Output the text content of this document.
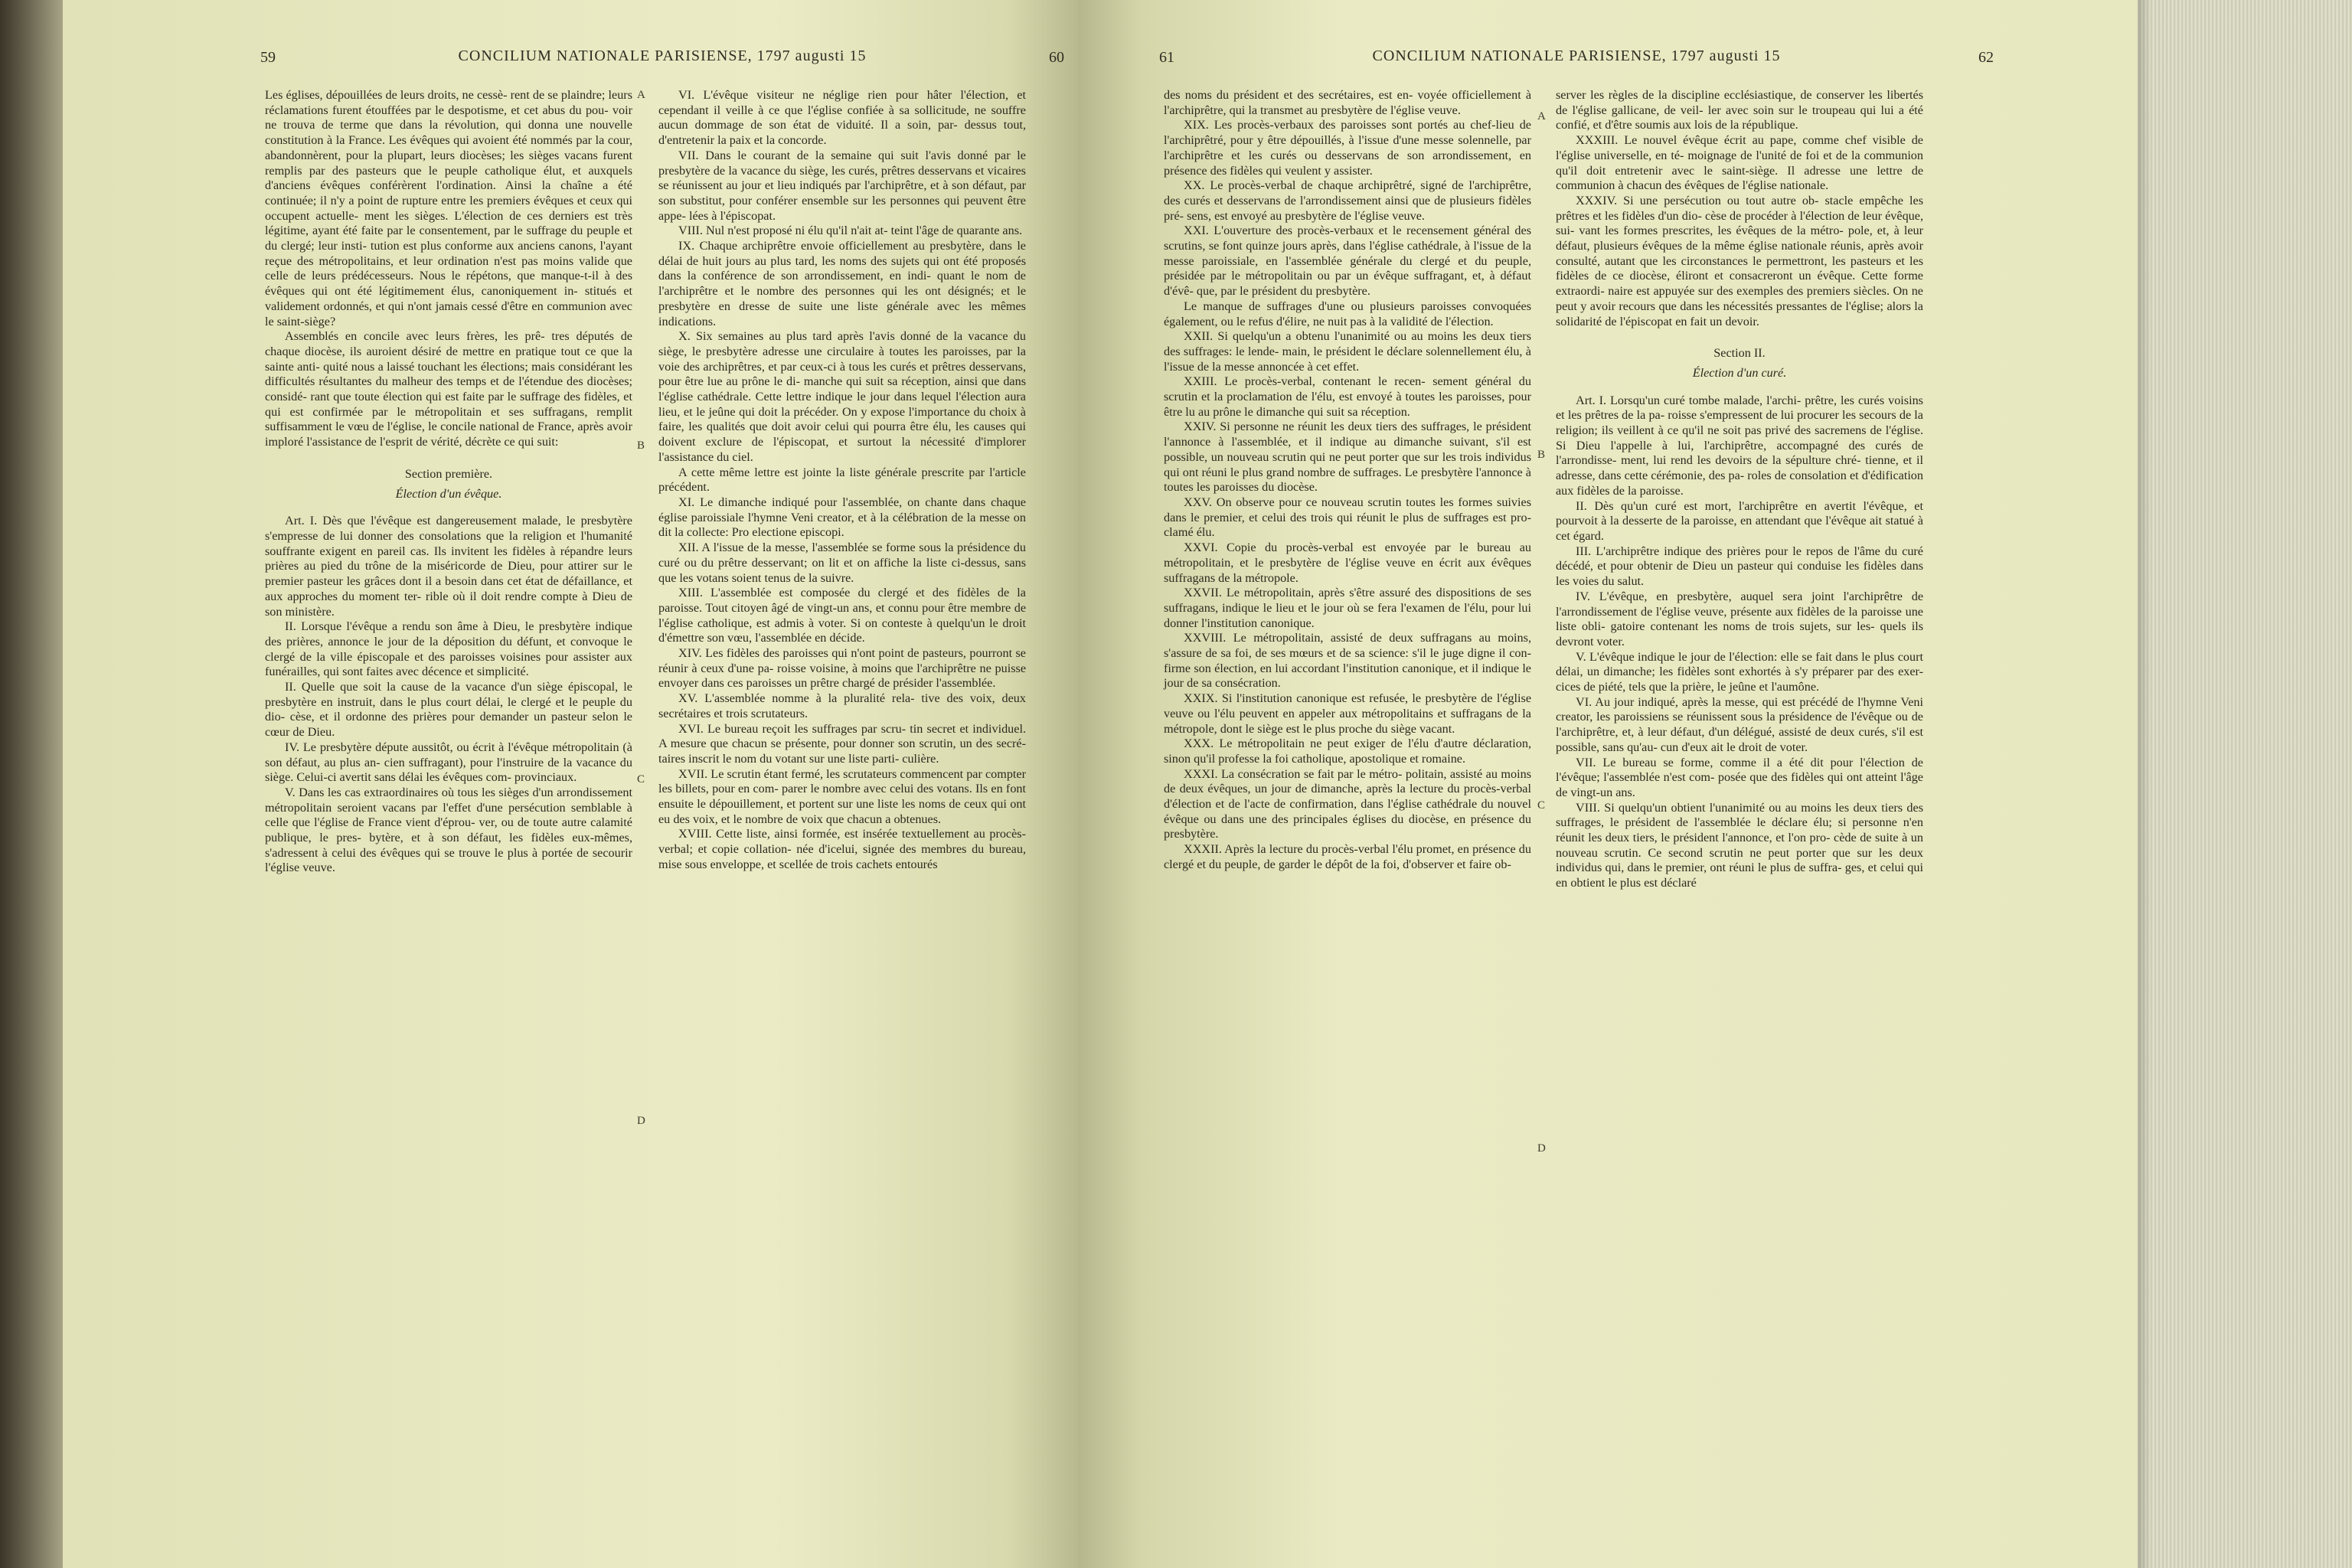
59	CONCILIUM NATIONALE PARISIENSE, 1797 augusti 15	60

Les églises, dépouillées de leurs droits, ne cessè- rent de se plaindre; leurs réclamations furent étouffées par le despotisme, et cet abus du pou- voir ne trouva de terme que dans la révolution, qui donna une nouvelle constitution à la France. Les évêques qui avoient été nommés par la cour, abandonnèrent, pour la plupart, leurs diocèses; les sièges vacans furent remplis par des pasteurs que le peuple catholique élut, et auxquels d'anciens évêques conférèrent l'ordination. Ainsi la chaîne a été continuée; il n'y a point de rupture entre les premiers évêques et ceux qui occupent actuelle- ment les sièges. L'élection de ces derniers est très légitime, ayant été faite par le consentement, par le suffrage du peuple et du clergé; leur insti- tution est plus conforme aux anciens canons, l'ayant reçue des métropolitains, et leur ordination n'est pas moins valide que celle de leurs prédécesseurs. Nous le répétons, que manque-t-il à des évêques qui ont été légitimement élus, canoniquement in- stitués et validement ordonnés, et qui n'ont jamais cessé d'être en communion avec le saint-siège?

Assemblés en concile avec leurs frères, les prê- tres députés de chaque diocèse, ils auroient désiré de mettre en pratique tout ce que la sainte anti- quité nous a laissé touchant les élections; mais considérant les difficultés résultantes du malheur des temps et de l'étendue des diocèses; considé- rant que toute élection qui est faite par le suffrage des fidèles, et qui est confirmée par le métropolitain et ses suffragans, remplit suffisamment le vœu de l'église, le concile national de France, après avoir imploré l'assistance de l'esprit de vérité, décrète ce qui suit:

Section première.

Élection d'un évêque.

Art. I. Dès que l'évêque est dangereusement malade, le presbytère s'empresse de lui donner des consolations que la religion et l'humanité souffrante exigent en pareil cas. Ils invitent les fidèles à répandre leurs prières au pied du trône de la miséricorde de Dieu, pour attirer sur le premier pasteur les grâces dont il a besoin dans cet état de défaillance, et aux approches du moment ter- rible où il doit rendre compte à Dieu de son ministère.

II. Lorsque l'évêque a rendu son âme à Dieu, le presbytère indique des prières, annonce le jour de la déposition du défunt, et convoque le clergé de la ville épiscopale et des paroisses voisines pour assister aux funérailles, qui sont faites avec décence et simplicité.

II. Quelle que soit la cause de la vacance d'un siège épiscopal, le presbytère en instruit, dans le plus court délai, le clergé et le peuple du dio- cèse, et il ordonne des prières pour demander un pasteur selon le cœur de Dieu.

IV. Le presbytère députe aussitôt, ou écrit à l'évêque métropolitain (à son défaut, au plus an- cien suffragant), pour l'instruire de la vacance du siège. Celui-ci avertit sans délai les évêques com- provinciaux.

V. Dans les cas extraordinaires où tous les sièges d'un arrondissement métropolitain seroient vacans par l'effet d'une persécution semblable à celle que l'église de France vient d'éprou- ver, ou de toute autre calamité publique, le pres- bytère, et à son défaut, les fidèles eux-mêmes, s'adressent à celui des évêques qui se trouve le plus à portée de secourir l'église veuve.

VI. L'évêque visiteur ne néglige rien pour hâter l'élection, et cependant il veille à ce que l'église confiée à sa sollicitude, ne souffre aucun dommage de son état de viduité. Il a soin, par- dessus tout, d'entretenir la paix et la concorde.

VII. Dans le courant de la semaine qui suit l'avis donné par le presbytère de la vacance du siège, les curés, prêtres desservans et vicaires se réunissent au jour et lieu indiqués par l'archiprêtre, et à son défaut, par son substitut, pour conférer ensemble sur les personnes qui peuvent être appe- lées à l'épiscopat.

VIII. Nul n'est proposé ni élu qu'il n'ait at- teint l'âge de quarante ans.

IX. Chaque archiprêtre envoie officiellement au presbytère, dans le délai de huit jours au plus tard, les noms des sujets qui ont été proposés dans la conférence de son arrondissement, en indi- quant le nom de l'archiprêtre et le nombre des personnes qui les ont désignés; et le presbytère en dresse de suite une liste générale avec les mêmes indications.

X. Six semaines au plus tard après l'avis donné de la vacance du siège, le presbytère adresse une circulaire à toutes les paroisses, par la voie des archiprêtres, et par ceux-ci à tous les curés et prêtres desservans, pour être lue au prône le di- manche qui suit sa réception, ainsi que dans l'église cathédrale. Cette lettre indique le jour dans lequel l'élection aura lieu, et le jeûne qui doit la précéder. On y expose l'importance du choix à faire, les qualités que doit avoir celui qui pourra être élu, les causes qui doivent exclure de l'épiscopat, et surtout la nécessité d'implorer l'assistance du ciel.

A cette même lettre est jointe la liste générale prescrite par l'article précédent.

XI. Le dimanche indiqué pour l'assemblée, on chante dans chaque église paroissiale l'hymne Veni creator, et à la célébration de la messe on dit la collecte: Pro electione episcopi.

XII. A l'issue de la messe, l'assemblée se forme sous la présidence du curé ou du prêtre desservant; on lit et on affiche la liste ci-dessus, sans que les votans soient tenus de la suivre.

XIII. L'assemblée est composée du clergé et des fidèles de la paroisse. Tout citoyen âgé de vingt-un ans, et connu pour être membre de l'église catholique, est admis à voter. Si on conteste à quelqu'un le droit d'émettre son vœu, l'assemblée en décide.

XIV. Les fidèles des paroisses qui n'ont point de pasteurs, pourront se réunir à ceux d'une pa- roisse voisine, à moins que l'archiprêtre ne puisse envoyer dans ces paroisses un prêtre chargé de présider l'assemblée.

XV. L'assemblée nomme à la pluralité rela- tive des voix, deux secrétaires et trois scrutateurs.

XVI. Le bureau reçoit les suffrages par scru- tin secret et individuel. A mesure que chacun se présente, pour donner son scrutin, un des secré- taires inscrit le nom du votant sur une liste parti- culière.

XVII. Le scrutin étant fermé, les scrutateurs commencent par compter les billets, pour en com- parer le nombre avec celui des votans. Ils en font ensuite le dépouillement, et portent sur une liste les noms de ceux qui ont eu des voix, et le nombre de voix que chacun a obtenues.

XVIII. Cette liste, ainsi formée, est insérée textuellement au procès-verbal; et copie collation- née d'icelui, signée des membres du bureau, mise sous enveloppe, et scellée de trois cachets entourés

A
B
C
D
61	CONCILIUM NATIONALE PARISIENSE, 1797 augusti 15	62

des noms du président et des secrétaires, est en- voyée officiellement à l'archiprêtre, qui la transmet au presbytère de l'église veuve.

XIX. Les procès-verbaux des paroisses sont portés au chef-lieu de l'archiprêtré, pour y être dépouillés, à l'issue d'une messe solennelle, par l'archiprêtre et les curés ou desservans de son arrondissement, en présence des fidèles qui veulent y assister.

XX. Le procès-verbal de chaque archiprêtré, signé de l'archiprêtre, des curés et desservans de l'arrondissement ainsi que de plusieurs fidèles pré- sens, est envoyé au presbytère de l'église veuve.

XXI. L'ouverture des procès-verbaux et le recensement général des scrutins, se font quinze jours après, dans l'église cathédrale, à l'issue de la messe paroissiale, en l'assemblée générale du clergé et du peuple, présidée par le métropolitain ou par un évêque suffragant, et, à défaut d'évê- que, par le président du presbytère.

Le manque de suffrages d'une ou plusieurs paroisses convoquées également, ou le refus d'élire, ne nuit pas à la validité de l'élection.

XXII. Si quelqu'un a obtenu l'unanimité ou au moins les deux tiers des suffrages: le lende- main, le président le déclare solennellement élu, à l'issue de la messe annoncée à cet effet.

XXIII. Le procès-verbal, contenant le recen- sement général du scrutin et la proclamation de l'élu, est envoyé à toutes les paroisses, pour être lu au prône le dimanche qui suit sa réception.

XXIV. Si personne ne réunit les deux tiers des suffrages, le président l'annonce à l'assemblée, et il indique au dimanche suivant, s'il est possible, un nouveau scrutin qui ne peut porter que sur les trois individus qui ont réuni le plus grand nombre de suffrages. Le presbytère l'annonce à toutes les paroisses du diocèse.

XXV. On observe pour ce nouveau scrutin toutes les formes suivies dans le premier, et celui des trois qui réunit le plus de suffrages est pro- clamé élu.

XXVI. Copie du procès-verbal est envoyée par le bureau au métropolitain, et le presbytère de l'église veuve en écrit aux évêques suffragans de la métropole.

XXVII. Le métropolitain, après s'être assuré des dispositions de ses suffragans, indique le lieu et le jour où se fera l'examen de l'élu, pour lui donner l'institution canonique.

XXVIII. Le métropolitain, assisté de deux suffragans au moins, s'assure de sa foi, de ses mœurs et de sa science: s'il le juge digne il con- firme son élection, en lui accordant l'institution canonique, et il indique le jour de sa consécration.

XXIX. Si l'institution canonique est refusée, le presbytère de l'église veuve ou l'élu peuvent en appeler aux métropolitains et suffragans de la métropole, dont le siège est le plus proche du siège vacant.

XXX. Le métropolitain ne peut exiger de l'élu d'autre déclaration, sinon qu'il professe la foi catholique, apostolique et romaine.

XXXI. La consécration se fait par le métro- politain, assisté au moins de deux évêques, un jour de dimanche, après la lecture du procès-verbal d'élection et de l'acte de confirmation, dans l'église cathédrale du nouvel évêque ou dans une des principales églises du diocèse, en présence du presbytère.

XXXII. Après la lecture du procès-verbal l'élu promet, en présence du clergé et du peuple, de garder le dépôt de la foi, d'observer et faire ob-

server les règles de la discipline ecclésiastique, de conserver les libertés de l'église gallicane, de veil- ler avec soin sur le troupeau qui lui a été confié, et d'être soumis aux lois de la république.

XXXIII. Le nouvel évêque écrit au pape, comme chef visible de l'église universelle, en té- moignage de l'unité de foi et de la communion qu'il doit entretenir avec le saint-siège. Il adresse une lettre de communion à chacun des évêques de l'église nationale.

XXXIV. Si une persécution ou tout autre ob- stacle empêche les prêtres et les fidèles d'un dio- cèse de procéder à l'élection de leur évêque, sui- vant les formes prescrites, les évêques de la métro- pole, et, à leur défaut, plusieurs évêques de la même église nationale réunis, après avoir consulté, autant que les circonstances le permettront, les pasteurs et les fidèles de ce diocèse, éliront et consacreront un évêque. Cette forme extraordi- naire est appuyée sur des exemples des premiers siècles. On ne peut y avoir recours que dans les nécessités pressantes de l'église; alors la solidarité de l'épiscopat en fait un devoir.

Section II.

Élection d'un curé.

Art. I. Lorsqu'un curé tombe malade, l'archi- prêtre, les curés voisins et les prêtres de la pa- roisse s'empressent de lui procurer les secours de la religion; ils veillent à ce qu'il ne soit pas privé des sacremens de l'église. Si Dieu l'appelle à lui, l'archiprêtre, accompagné des curés de l'arrondisse- ment, lui rend les devoirs de la sépulture chré- tienne, et il adresse, dans cette cérémonie, des pa- roles de consolation et d'édification aux fidèles de la paroisse.

II. Dès qu'un curé est mort, l'archiprêtre en avertit l'évêque, et pourvoit à la desserte de la paroisse, en attendant que l'évêque ait statué à cet égard.

III. L'archiprêtre indique des prières pour le repos de l'âme du curé décédé, et pour obtenir de Dieu un pasteur qui conduise les fidèles dans les voies du salut.

IV. L'évêque, en presbytère, auquel sera joint l'archiprêtre de l'arrondissement de l'église veuve, présente aux fidèles de la paroisse une liste obli- gatoire contenant les noms de trois sujets, sur les- quels ils devront voter.

V. L'évêque indique le jour de l'élection: elle se fait dans le plus court délai, un dimanche; les fidèles sont exhortés à s'y préparer par des exer- cices de piété, tels que la prière, le jeûne et l'aumône.

VI. Au jour indiqué, après la messe, qui est précédé de l'hymne Veni creator, les paroissiens se réunissent sous la présidence de l'évêque ou de l'archiprêtre, et, à leur défaut, d'un délégué, assisté de deux curés, s'il est possible, sans qu'au- cun d'eux ait le droit de voter.

VII. Le bureau se forme, comme il a été dit pour l'élection de l'évêque; l'assemblée n'est com- posée que des fidèles qui ont atteint l'âge de vingt-un ans.

VIII. Si quelqu'un obtient l'unanimité ou au moins les deux tiers des suffrages, le président de l'assemblée le déclare élu; si personne n'en réunit les deux tiers, le président l'annonce, et l'on pro- cède de suite à un nouveau scrutin. Ce second scrutin ne peut porter que sur les deux individus qui, dans le premier, ont réuni le plus de suffra- ges, et celui qui en obtient le plus est déclaré

A
B
C
D
